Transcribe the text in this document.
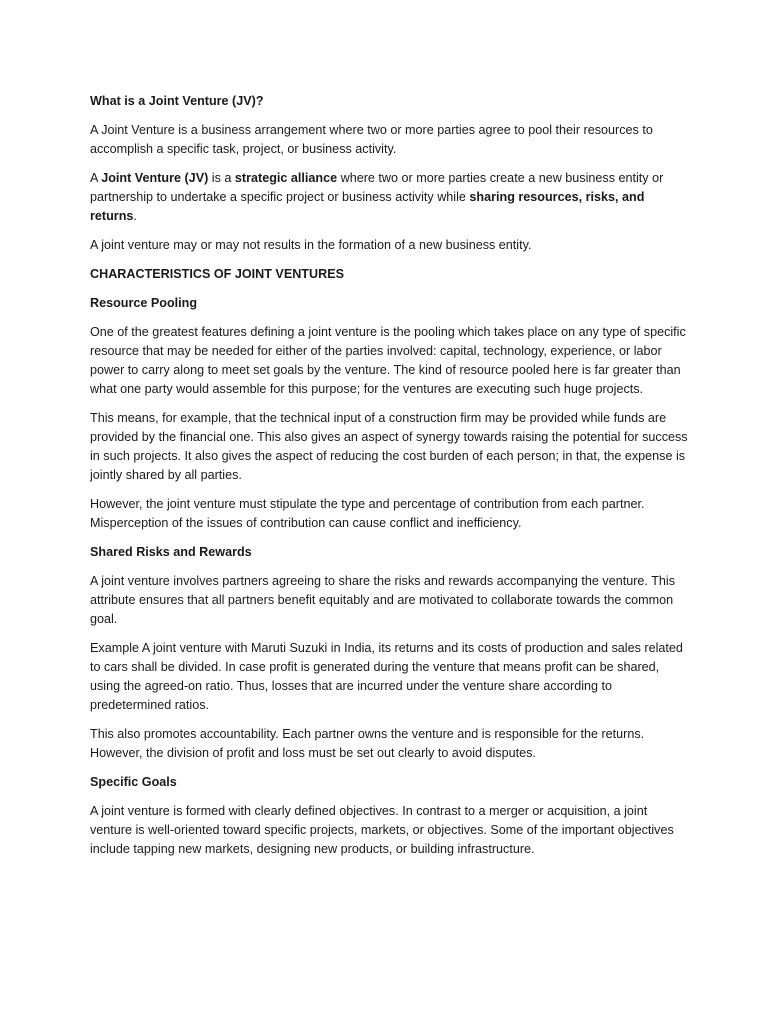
What is a Joint Venture (JV)?

A Joint Venture is a business arrangement where two or more parties agree to pool their resources to accomplish a specific task, project, or business activity.

A Joint Venture (JV) is a strategic alliance where two or more parties create a new business entity or partnership to undertake a specific project or business activity while sharing resources, risks, and returns.

A joint venture may or may not results in the formation of a new business entity.

CHARACTERISTICS OF JOINT VENTURES
Resource Pooling

One of the greatest features defining a joint venture is the pooling which takes place on any type of specific resource that may be needed for either of the parties involved: capital, technology, experience, or labor power to carry along to meet set goals by the venture. The kind of resource pooled here is far greater than what one party would assemble for this purpose; for the ventures are executing such huge projects.

This means, for example, that the technical input of a construction firm may be provided while funds are provided by the financial one. This also gives an aspect of synergy towards raising the potential for success in such projects. It also gives the aspect of reducing the cost burden of each person; in that, the expense is jointly shared by all parties.

However, the joint venture must stipulate the type and percentage of contribution from each partner. Misperception of the issues of contribution can cause conflict and inefficiency.

Shared Risks and Rewards

A joint venture involves partners agreeing to share the risks and rewards accompanying the venture. This attribute ensures that all partners benefit equitably and are motivated to collaborate towards the common goal.

Example A joint venture with Maruti Suzuki in India, its returns and its costs of production and sales related to cars shall be divided. In case profit is generated during the venture that means profit can be shared, using the agreed-on ratio. Thus, losses that are incurred under the venture share according to predetermined ratios.

This also promotes accountability. Each partner owns the venture and is responsible for the returns. However, the division of profit and loss must be set out clearly to avoid disputes.

Specific Goals

A joint venture is formed with clearly defined objectives. In contrast to a merger or acquisition, a joint venture is well-oriented toward specific projects, markets, or objectives. Some of the important objectives include tapping new markets, designing new products, or building infrastructure.
